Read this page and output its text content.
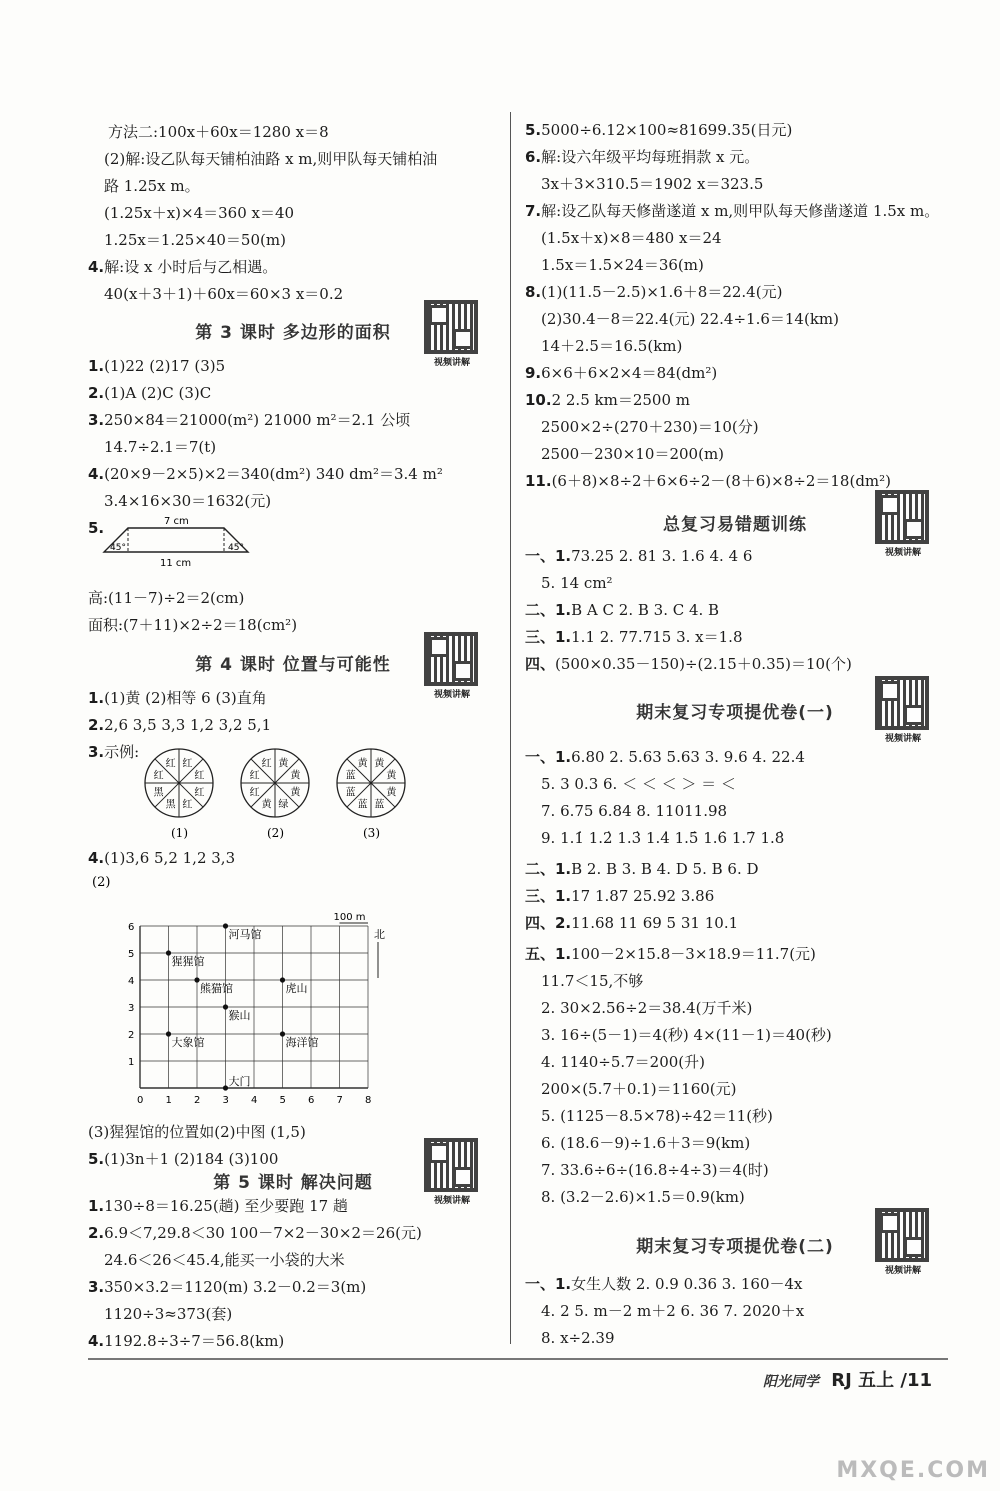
方法二:100x＋60x＝1280 x＝8
(2)解:设乙队每天铺柏油路 x m,则甲队每天铺柏油
路 1.25x m。
(1.25x＋x)×4＝360 x＝40
1.25x＝1.25×40＝50(m)
4.解:设 x 小时后与乙相遇。
40(x＋3＋1)＋60x＝60×3 x＝0.2
第 3 课时 多边形的面积
视频讲解
1.(1)22 (2)17 (3)5
2.(1)A (2)C (3)C
3.250×84＝21000(m²) 21000 m²＝2.1 公顷
14.7÷2.1＝7(t)
4.(20×9－2×5)×2＝340(dm²) 340 dm²＝3.4 m²
3.4×16×30＝1632(元)
5.	7 cm
11 cm
45°	45°
高:(11－7)÷2＝2(cm)
面积:(7＋11)×2÷2＝18(cm²)
第 4 课时 位置与可能性
视频讲解
1.(1)黄 (2)相等 6 (3)直角
2.2,6 3,5 3,3 1,2 3,2 5,1
3.示例:
红
红
红
红
黑
黑
红
红
(1)
黄
黄
黄
绿
黄
红
红
红
(2)
黄
黄
黄
蓝
蓝
蓝
蓝
黄
(3)
4.(1)3,6 5,2 1,2 3,3
(2)
0 1 2 3 4 5 6 7 8
1
2
3
4
5
6
100 m
北
猩猩馆
河马馆
熊猫馆	虎山
猴山
海洋馆
大象馆
大门
(3)猩猩馆的位置如(2)中图 (1,5)
5.(1)3n＋1 (2)184 (3)100
第 5 课时 解决问题
视频讲解
1.130÷8＝16.25(趟) 至少要跑 17 趟
2.6.9＜7,29.8＜30 100－7×2－30×2＝26(元)
24.6＜26＜45.4,能买一小袋的大米
3.350×3.2＝1120(m) 3.2－0.2＝3(m)
1120÷3≈373(套)
4.1192.8÷3÷7＝56.8(km)
5.5000÷6.12×100≈81699.35(日元)
6.解:设六年级平均每班捐款 x 元。
3x＋3×310.5＝1902 x＝323.5
7.解:设乙队每天修凿遂道 x m,则甲队每天修凿遂道 1.5x m。
(1.5x＋x)×8＝480 x＝24
1.5x＝1.5×24＝36(m)
8.(1)(11.5－2.5)×1.6＋8＝22.4(元)
(2)30.4－8＝22.4(元) 22.4÷1.6＝14(km)
14＋2.5＝16.5(km)
9.6×6＋6×2×4＝84(dm²)
10.2 2.5 km＝2500 m
2500×2÷(270＋230)＝10(分)
2500－230×10＝200(m)
11.(6＋8)×8÷2＋6×6÷2－(8＋6)×8÷2＝18(dm²)
总复习易错题训练
视频讲解
一、1.73.25 2. 81 3. 1.6 4. 4 6
5. 14 cm²
二、1.B A C 2. B 3. C 4. B
三、1.1.1 2. 77.715 3. x＝1.8
四、(500×0.35－150)÷(2.15＋0.35)＝10(个)
期末复习专项提优卷(一)
视频讲解
一、1.6.80 2. 5.63 5.63 3. 9.6 4. 22.4
5. 3 0.3 6. ＜ ＜ ＜ ＞ ＝ ＜
7. 6.75 6.84 8. 11011.98
9. 1.1̇ 1.2̇ 1.3̇ 1.4̇ 1.5̇ 1.6̇ 1.7̇ 1.8̇
二、1.B 2. B 3. B 4. D 5. B 6. D
三、1.17 1.87 25.92 3.86
四、2.11.68 11 69 5 31 10.1
五、1.100－2×15.8－3×18.9＝11.7(元)
11.7＜15,不够
2. 30×2.56÷2＝38.4(万千米)
3. 16÷(5－1)＝4(秒) 4×(11－1)＝40(秒)
4. 1140÷5.7＝200(升)
200×(5.7＋0.1)＝1160(元)
5. (1125－8.5×78)÷42＝11(秒)
6. (18.6－9)÷1.6＋3＝9(km)
7. 33.6÷6÷(16.8÷4÷3)＝4(时)
8. (3.2－2.6)×1.5＝0.9(km)
期末复习专项提优卷(二)
视频讲解
一、1.女生人数 2. 0.9 0.36 3. 160－4x
4. 2 5. m－2 m＋2 6. 36 7. 2020＋x
8. x÷2.39
阳光同学 RJ 五上 /11
MXQE.COM
